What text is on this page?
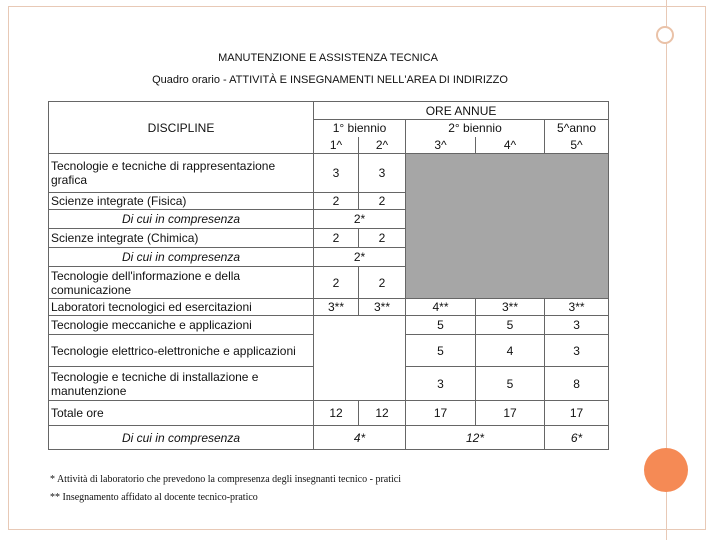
MANUTENZIONE E ASSISTENZA TECNICA
Quadro orario - ATTIVITÀ E INSEGNAMENTI NELL'AREA DI INDIRIZZO
DISCIPLINE	ORE ANNUE				
	1° biennio		2° biennio		5^anno
	1^	2^	3^	4^	5^
Tecnologie e tecniche di rappresentazione grafica	3	3			
Scienze integrate (Fisica)	2	2			
Di cui in compresenza	2*				
Scienze integrate (Chimica)	2	2			
Di cui in compresenza	2*				
Tecnologie dell'informazione e della comunicazione	2	2			
Laboratori tecnologici ed esercitazioni	3**	3**	4**	3**	3**
Tecnologie meccaniche e applicazioni			5	5	3
Tecnologie elettrico-elettroniche e applicazioni			5	4	3
Tecnologie e tecniche di installazione e manutenzione			3	5	8
Totale ore	12	12	17	17	17
Di cui in compresenza	4*		12*		6*
* Attività di laboratorio che prevedono la compresenza degli insegnanti tecnico - pratici
** Insegnamento affidato al docente tecnico-pratico
